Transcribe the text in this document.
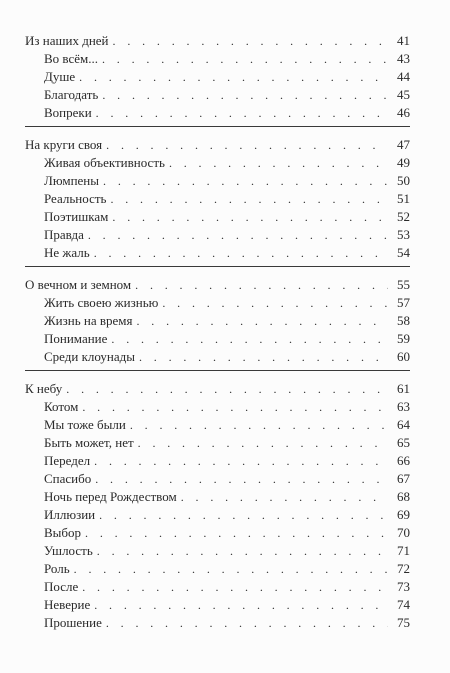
Из наших дней . . .	41
Во всём... . . .	43
Душе . . .	44
Благодать . . .	45
Вопреки . . .	46
На круги своя . . .	47
Живая объективность . . .	49
Люмпены . . .	50
Реальность . . .	51
Поэтишкам . . .	52
Правда . . .	53
Не жаль . . .	54
О вечном и земном . . .	55
Жить своею жизнью . . .	57
Жизнь на время . . .	58
Понимание . . .	59
Среди клоунады . . .	60
К небу . . .	61
Котом . . .	63
Мы тоже были . . .	64
Быть может, нет . . .	65
Передел . . .	66
Спасибо . . .	67
Ночь перед Рождеством . . .	68
Иллюзии . . .	69
Выбор . . .	70
Ушлость . . .	71
Роль . . .	72
После . . .	73
Неверие . . .	74
Прошение . . .	75
